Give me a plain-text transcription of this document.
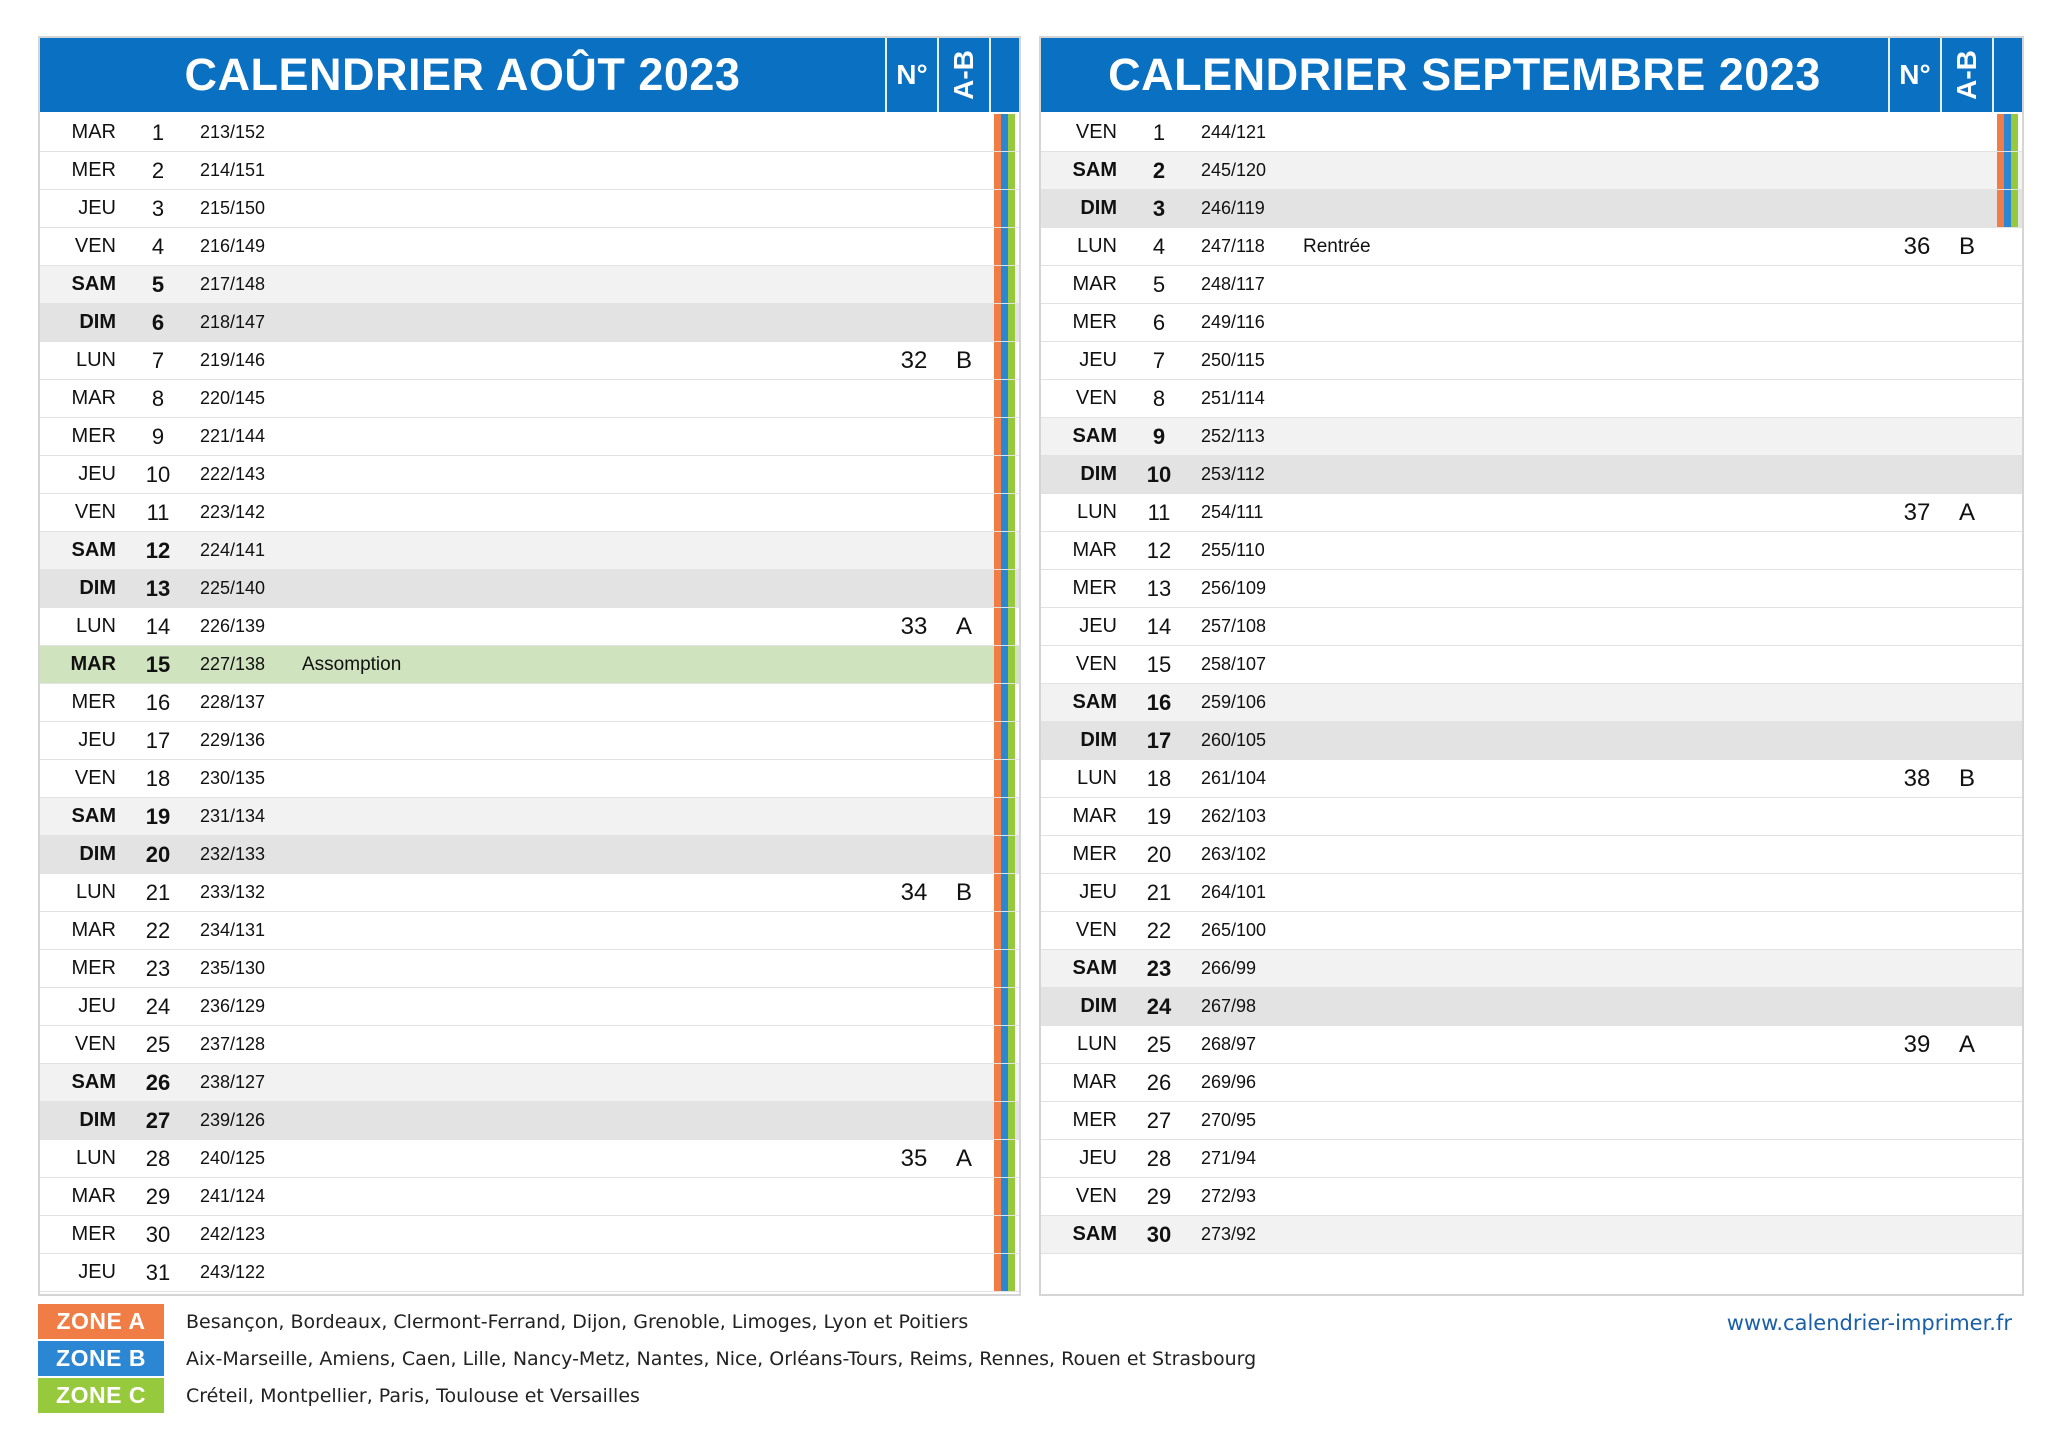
CALENDRIER AOÛT 2023	N° A-B
MAR	1	213/152
MER	2	214/151
JEU	3	215/150
VEN	4	216/149
SAM	5	217/148
DIM	6	218/147
LUN	7	219/146	32	B
MAR	8	220/145
MER	9	221/144
JEU	10	222/143
VEN	11	223/142
SAM	12	224/141
DIM	13	225/140
LUN	14	226/139	33	A
MAR	15	227/138	Assomption
MER	16	228/137
JEU	17	229/136
VEN	18	230/135
SAM	19	231/134
DIM	20	232/133
LUN	21	233/132	34	B
MAR	22	234/131
MER	23	235/130
JEU	24	236/129
VEN	25	237/128
SAM	26	238/127
DIM	27	239/126
LUN	28	240/125	35	A
MAR	29	241/124
MER	30	242/123
JEU	31	243/122
CALENDRIER SEPTEMBRE 2023	N° A-B
VEN	1	244/121
SAM	2	245/120
DIM	3	246/119
LUN	4	247/118	Rentrée	36	B
MAR	5	248/117
MER	6	249/116
JEU	7	250/115
VEN	8	251/114
SAM	9	252/113
DIM	10	253/112
LUN	11	254/111	37	A
MAR	12	255/110
MER	13	256/109
JEU	14	257/108
VEN	15	258/107
SAM	16	259/106
DIM	17	260/105
LUN	18	261/104	38	B
MAR	19	262/103
MER	20	263/102
JEU	21	264/101
VEN	22	265/100
SAM	23	266/99
DIM	24	267/98
LUN	25	268/97	39	A
MAR	26	269/96
MER	27	270/95
JEU	28	271/94
VEN	29	272/93
SAM	30	273/92
ZONE A	Besançon, Bordeaux, Clermont-Ferrand, Dijon, Grenoble, Limoges, Lyon et Poitiers
ZONE B	Aix-Marseille, Amiens, Caen, Lille, Nancy-Metz, Nantes, Nice, Orléans-Tours, Reims, Rennes, Rouen et Strasbourg
ZONE C	Créteil, Montpellier, Paris, Toulouse et Versailles
www.calendrier-imprimer.fr
